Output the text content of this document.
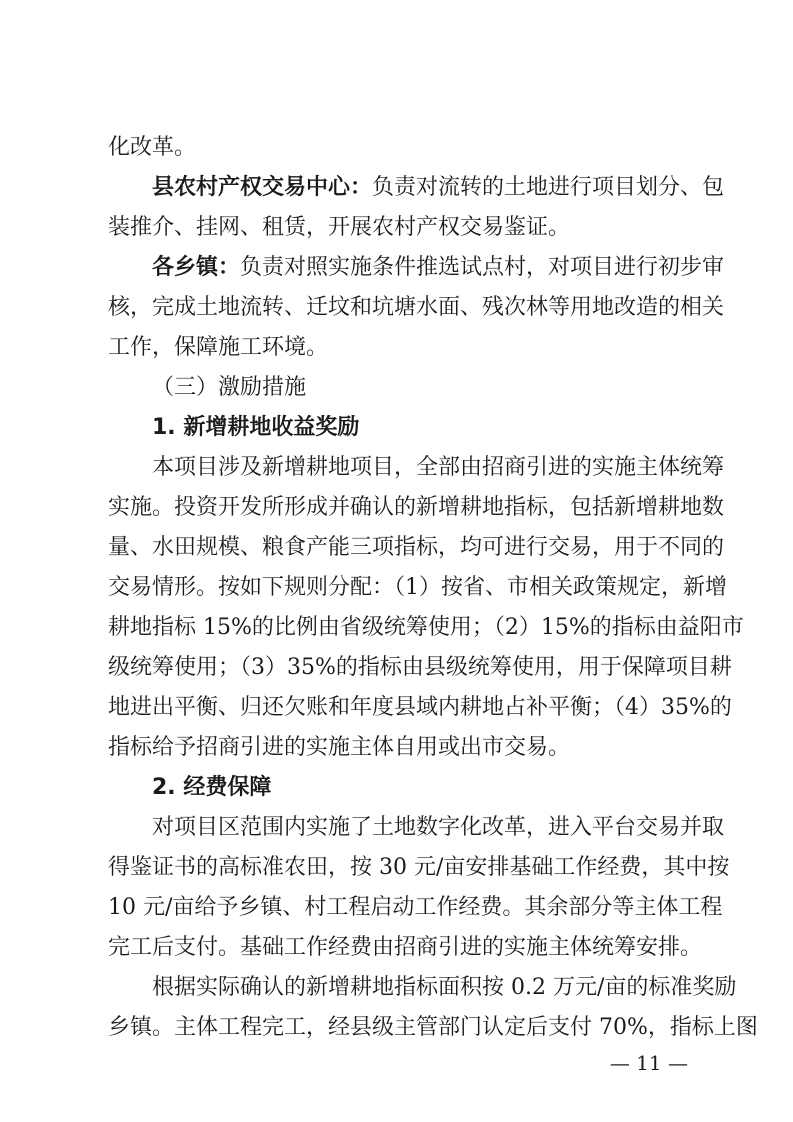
化改革。
县农村产权交易中心：负责对流转的土地进行项目划分、包
装推介、挂网、租赁，开展农村产权交易鉴证。
各乡镇：负责对照实施条件推选试点村，对项目进行初步审
核，完成土地流转、迁坟和坑塘水面、残次林等用地改造的相关
工作，保障施工环境。
（三）激励措施
1. 新增耕地收益奖励
本项目涉及新增耕地项目，全部由招商引进的实施主体统筹
实施。投资开发所形成并确认的新增耕地指标，包括新增耕地数
量、水田规模、粮食产能三项指标，均可进行交易，用于不同的
交易情形。按如下规则分配：（1）按省、市相关政策规定，新增
耕地指标 15%的比例由省级统筹使用；（2）15%的指标由益阳市
级统筹使用；（3）35%的指标由县级统筹使用，用于保障项目耕
地进出平衡、归还欠账和年度县域内耕地占补平衡；（4）35%的
指标给予招商引进的实施主体自用或出市交易。
2. 经费保障
对项目区范围内实施了土地数字化改革，进入平台交易并取
得鉴证书的高标准农田，按 30 元/亩安排基础工作经费，其中按
10 元/亩给予乡镇、村工程启动工作经费。其余部分等主体工程
完工后支付。基础工作经费由招商引进的实施主体统筹安排。
根据实际确认的新增耕地指标面积按 0.2 万元/亩的标准奖励
乡镇。主体工程完工，经县级主管部门认定后支付 70%，指标上图
— 11 —
